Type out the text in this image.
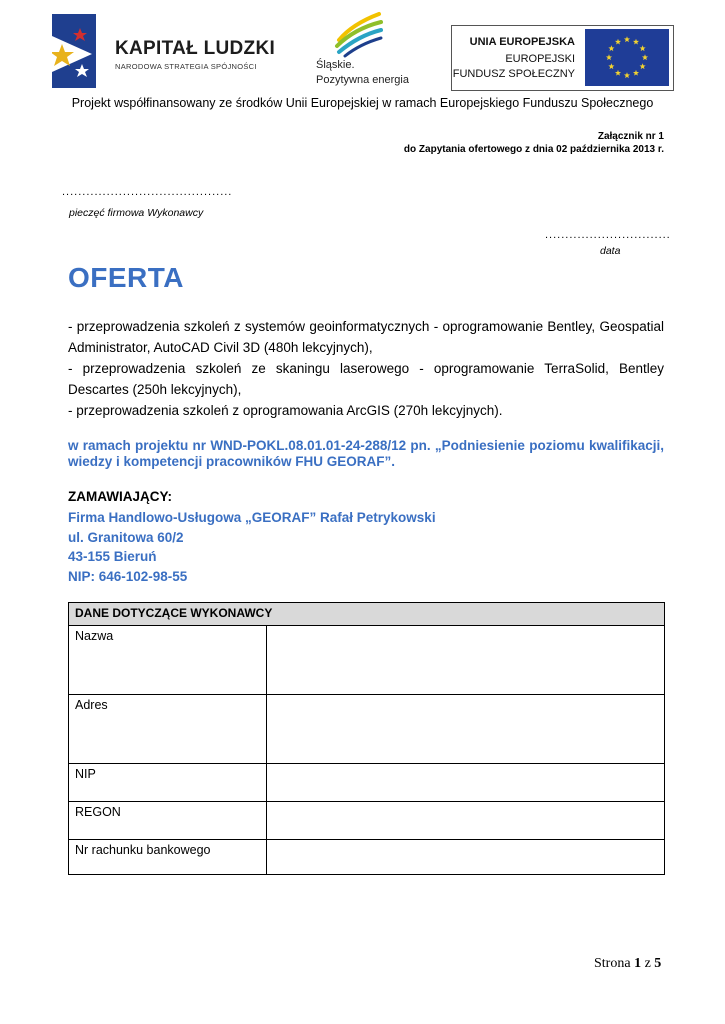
KAPITAŁ LUDZKI
NARODOWA STRATEGIA SPÓJNOŚCI	Śląskie.
Pozytywna energia
UNIA EUROPEJSKA
EUROPEJSKI
FUNDUSZ SPOŁECZNY
Projekt współfinansowany ze środków Unii Europejskiej w ramach Europejskiego Funduszu Społecznego
Załącznik nr 1
do Zapytania ofertowego z dnia 02 października 2013 r.
..........................................
pieczęć firmowa Wykonawcy
...............................
data
OFERTA

- przeprowadzenia szkoleń z systemów geoinformatycznych - oprogramowanie Bentley, Geospatial Administrator, AutoCAD Civil 3D (480h lekcyjnych),

- przeprowadzenia szkoleń ze skaningu laserowego - oprogramowanie TerraSolid, Bentley Descartes (250h lekcyjnych),

- przeprowadzenia szkoleń z oprogramowania ArcGIS (270h lekcyjnych).

w ramach projektu nr WND-POKL.08.01.01-24-288/12 pn. „Podniesienie poziomu kwalifikacji, wiedzy i kompetencji pracowników FHU GEORAF”.

ZAMAWIAJĄCY:
Firma Handlowo-Usługowa „GEORAF” Rafał Petrykowski
ul. Granitowa 60/2
43-155 Bieruń
NIP: 646-102-98-55
DANE DOTYCZĄCE WYKONAWCY	
Nazwa	
Adres	
NIP	
REGON	
Nr rachunku bankowego	
Strona 1 z 5
